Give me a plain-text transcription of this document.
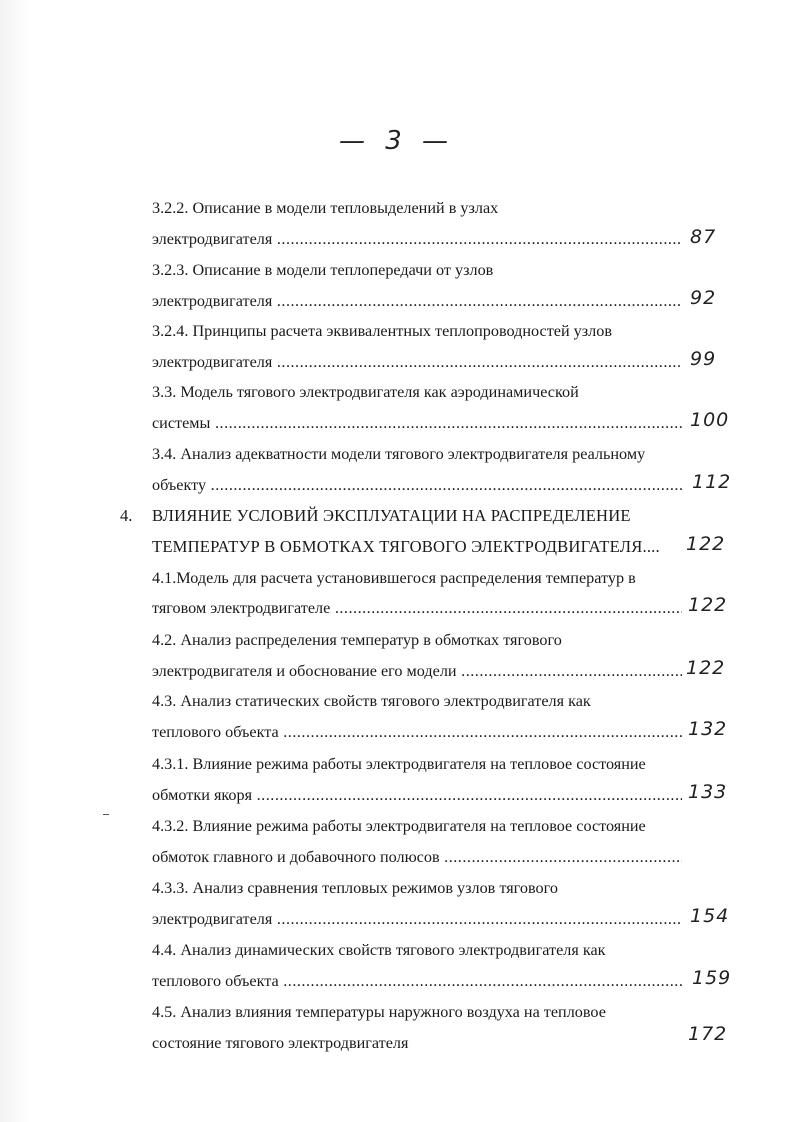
— 3 —
3.2.2. Описание в модели тепловыделений в узлах
электродвигателя .....	87
3.2.3. Описание в модели теплопередачи от узлов
электродвигателя .....	92
3.2.4. Принципы расчета эквивалентных теплопроводностей узлов
электродвигателя .....	99
3.3. Модель тягового электродвигателя как аэродинамической
системы .....	100
3.4. Анализ адекватности модели тягового электродвигателя реальному
объекту .....	112
4. ВЛИЯНИЕ УСЛОВИЙ ЭКСПЛУАТАЦИИ НА РАСПРЕДЕЛЕНИЕ
ТЕМПЕРАТУР В ОБМОТКАХ ТЯГОВОГО ЭЛЕКТРОДВИГАТЕЛЯ....	122
4.1.Модель для расчета установившегося распределения температур в
тяговом электродвигателе .....	122
4.2. Анализ распределения температур в обмотках тягового
электродвигателя и обоснование его модели .....	122
4.3. Анализ статических свойств тягового электродвигателя как
теплового объекта .....	132
4.3.1. Влияние режима работы электродвигателя на тепловое состояние
обмотки якоря .....	133
4.3.2. Влияние режима работы электродвигателя на тепловое состояние
обмоток главного и добавочного полюсов .....
4.3.3. Анализ сравнения тепловых режимов узлов тягового
электродвигателя .....	154
4.4. Анализ динамических свойств тягового электродвигателя как
теплового объекта .....	159
4.5. Анализ влияния температуры наружного воздуха на тепловое
состояние тягового электродвигателя	172
